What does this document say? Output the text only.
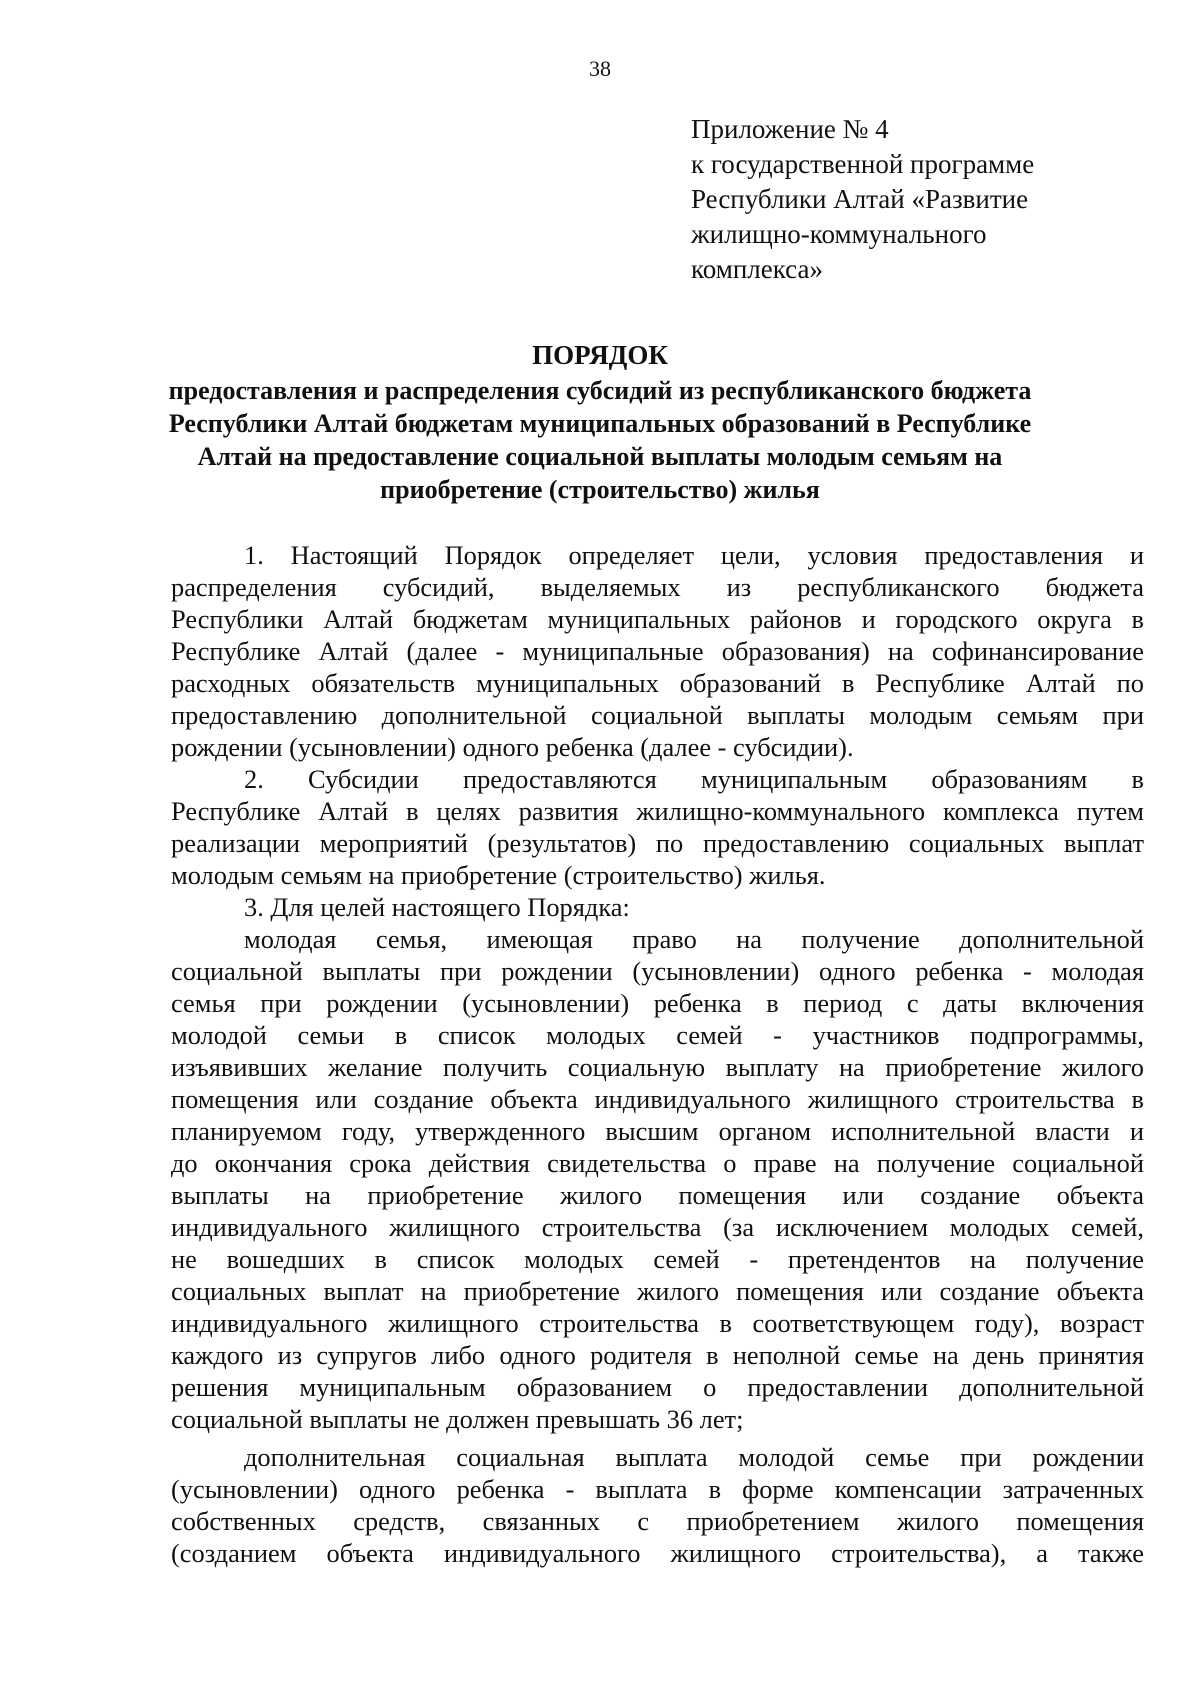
38
Приложение № 4
к государственной программе
Республики Алтай «Развитие
жилищно-коммунального
комплекса»
ПОРЯДОК
предоставления и распределения субсидий из республиканского бюджета
Республики Алтай бюджетам муниципальных образований в Республике
Алтай на предоставление социальной выплаты молодым семьям на
приобретение (строительство) жилья
1. Настоящий Порядок определяет цели, условия предоставления и
распределения субсидий, выделяемых из республиканского бюджета
Республики Алтай бюджетам муниципальных районов и городского округа в
Республике Алтай (далее - муниципальные образования) на софинансирование
расходных обязательств муниципальных образований в Республике Алтай по
предоставлению дополнительной социальной выплаты молодым семьям при
рождении (усыновлении) одного ребенка (далее - субсидии).
2. Субсидии предоставляются муниципальным образованиям в
Республике Алтай в целях развития жилищно-коммунального комплекса путем
реализации мероприятий (результатов) по предоставлению социальных выплат
молодым семьям на приобретение (строительство) жилья.
3. Для целей настоящего Порядка:
молодая семья, имеющая право на получение дополнительной
социальной выплаты при рождении (усыновлении) одного ребенка - молодая
семья при рождении (усыновлении) ребенка в период с даты включения
молодой семьи в список молодых семей - участников подпрограммы,
изъявивших желание получить социальную выплату на приобретение жилого
помещения или создание объекта индивидуального жилищного строительства в
планируемом году, утвержденного высшим органом исполнительной власти и
до окончания срока действия свидетельства о праве на получение социальной
выплаты на приобретение жилого помещения или создание объекта
индивидуального жилищного строительства (за исключением молодых семей,
не вошедших в список молодых семей - претендентов на получение
социальных выплат на приобретение жилого помещения или создание объекта
индивидуального жилищного строительства в соответствующем году), возраст
каждого из супругов либо одного родителя в неполной семье на день принятия
решения муниципальным образованием о предоставлении дополнительной
социальной выплаты не должен превышать 36 лет;
дополнительная социальная выплата молодой семье при рождении
(усыновлении) одного ребенка - выплата в форме компенсации затраченных
собственных средств, связанных с приобретением жилого помещения
(созданием объекта индивидуального жилищного строительства), а также
